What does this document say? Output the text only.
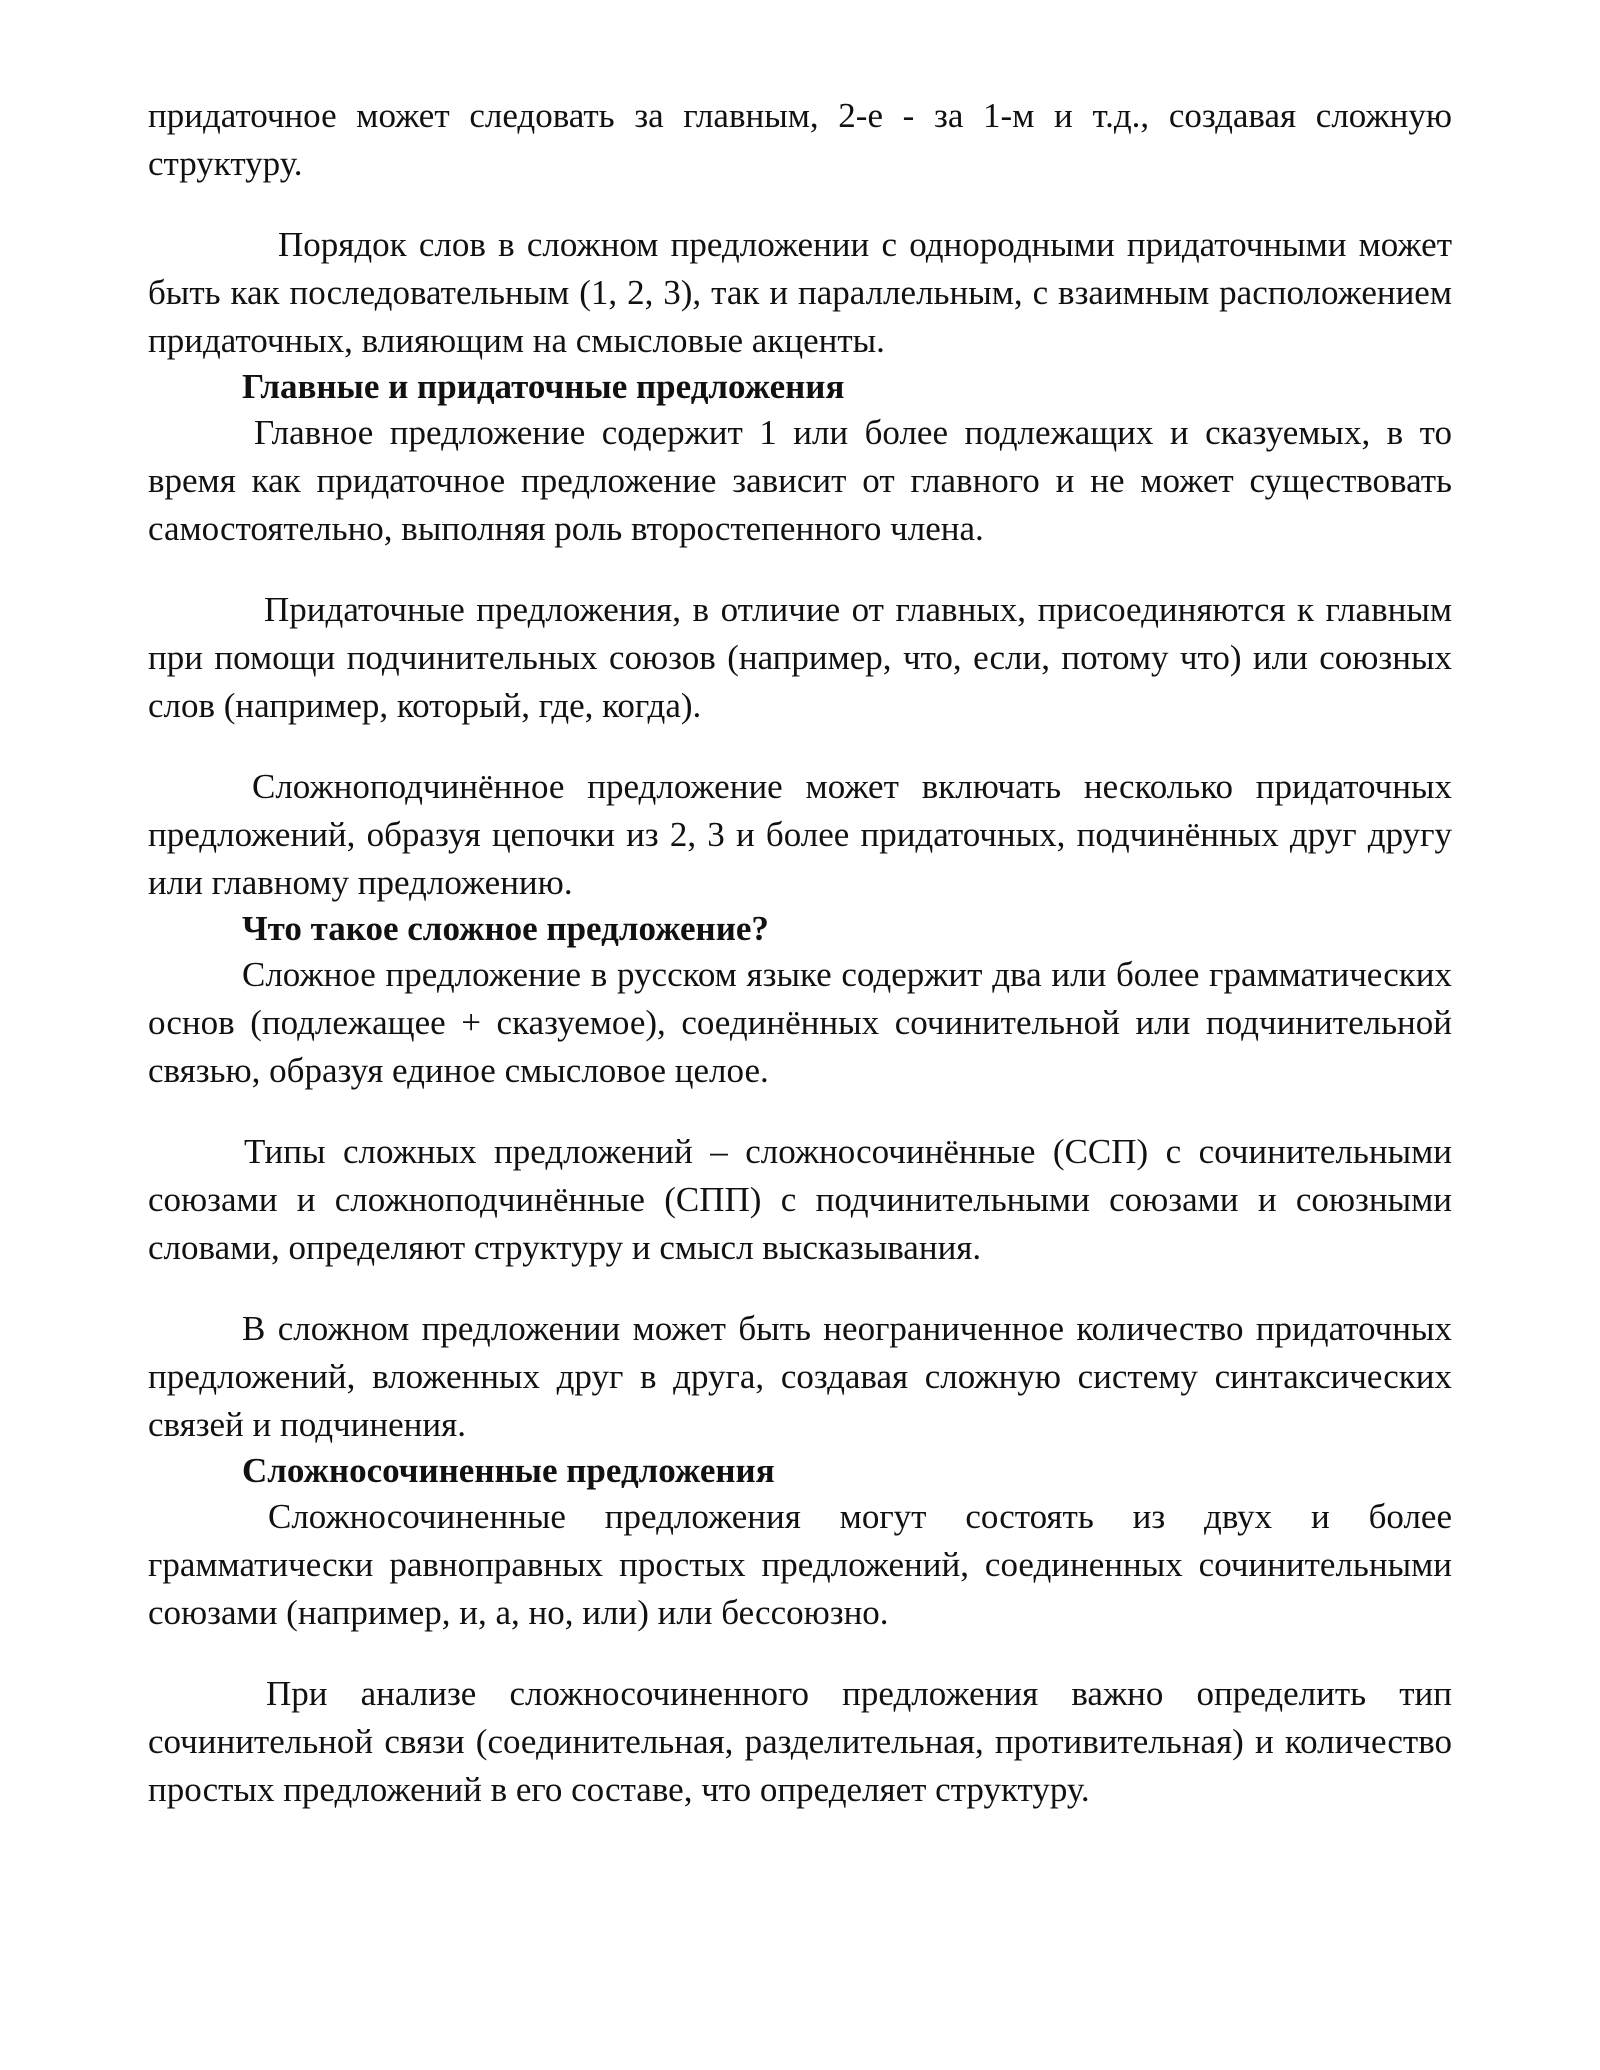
придаточное может следовать за главным, 2-е - за 1-м и т.д., создавая сложную структуру.

Порядок слов в сложном предложении с однородными придаточными может быть как последовательным (1, 2, 3), так и параллельным, с взаимным расположением придаточных, влияющим на смысловые акценты.

Главные и придаточные предложения

Главное предложение содержит 1 или более подлежащих и сказуемых, в то время как придаточное предложение зависит от главного и не может существовать самостоятельно, выполняя роль второстепенного члена.

Придаточные предложения, в отличие от главных, присоединяются к главным при помощи подчинительных союзов (например, что, если, потому что) или союзных слов (например, который, где, когда).

Сложноподчинённое предложение может включать несколько придаточных предложений, образуя цепочки из 2, 3 и более придаточных, подчинённых друг другу или главному предложению.

Что такое сложное предложение?

Сложное предложение в русском языке содержит два или более грамматических основ (подлежащее + сказуемое), соединённых сочинительной или подчинительной связью, образуя единое смысловое целое.

Типы сложных предложений – сложносочинённые (ССП) с сочинительными союзами и сложноподчинённые (СПП) с подчинительными союзами и союзными словами, определяют структуру и смысл высказывания.

В сложном предложении может быть неограниченное количество придаточных предложений, вложенных друг в друга, создавая сложную систему синтаксических связей и подчинения.

Сложносочиненные предложения

Сложносочиненные предложения могут состоять из двух и более грамматически равноправных простых предложений, соединенных сочинительными союзами (например, и, а, но, или) или бессоюзно.

При анализе сложносочиненного предложения важно определить тип сочинительной связи (соединительная, разделительная, противительная) и количество простых предложений в его составе, что определяет структуру.
